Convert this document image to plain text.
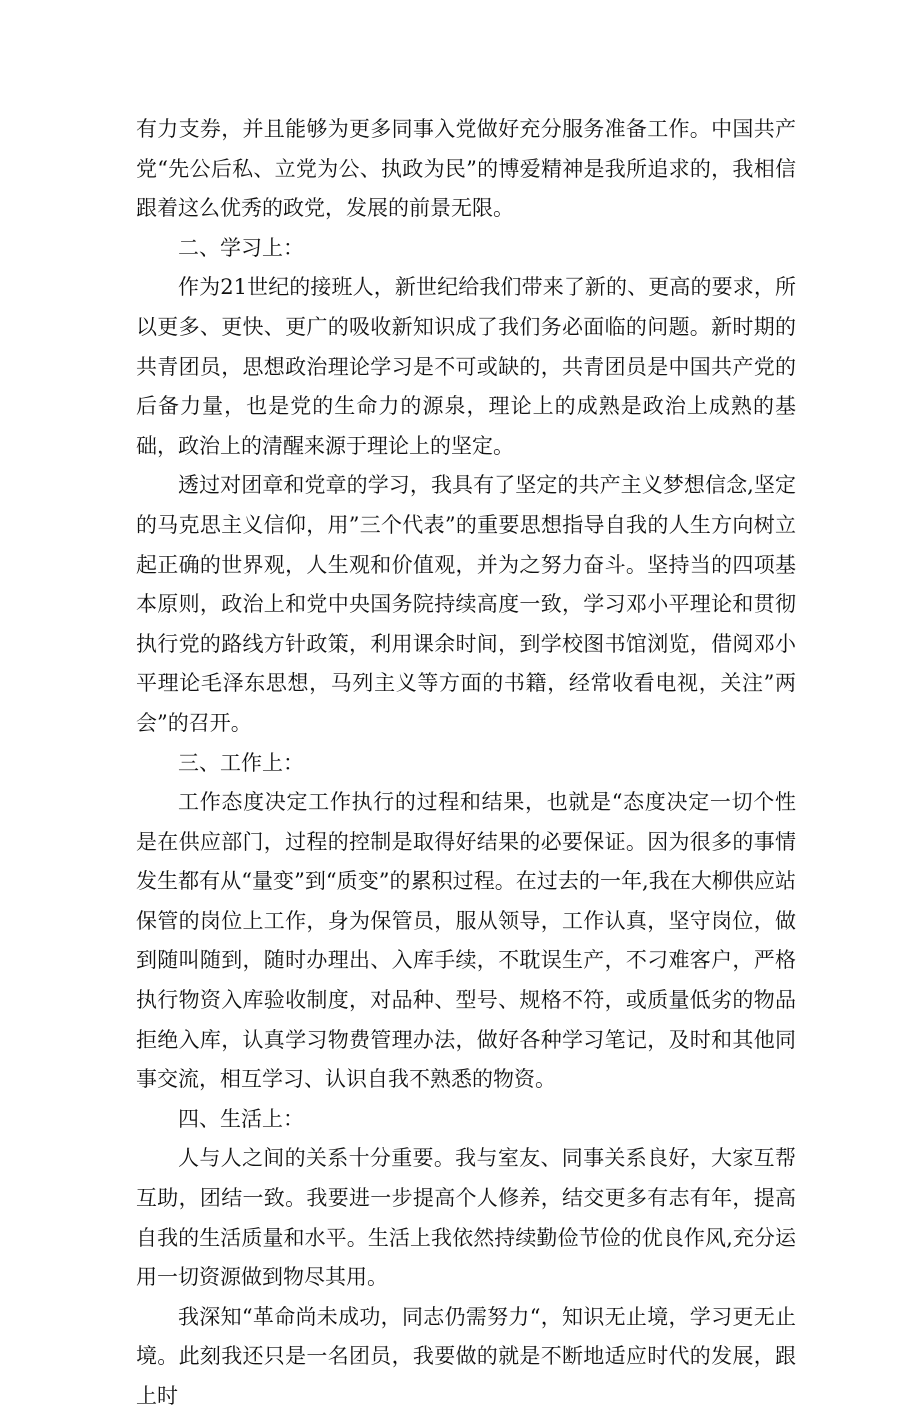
有力支券，并且能够为更多同事入党做好充分服务准备工作。中国共产党“先公后私、立党为公、执政为民”的博爱精神是我所追求的，我相信跟着这么优秀的政党，发展的前景无限。

二、学习上：

作为21世纪的接班人，新世纪给我们带来了新的、更高的要求，所以更多、更快、更广的吸收新知识成了我们务必面临的问题。新时期的共青团员，思想政治理论学习是不可或缺的，共青团员是中国共产党的后备力量，也是党的生命力的源泉，理论上的成熟是政治上成熟的基础，政治上的清醒来源于理论上的坚定。

透过对团章和党章的学习，我具有了坚定的共产主义梦想信念,坚定的马克思主义信仰，用”三个代表”的重要思想指导自我的人生方向树立起正确的世界观，人生观和价值观，并为之努力奋斗。坚持当的四项基本原则，政治上和党中央国务院持续高度一致，学习邓小平理论和贯彻执行党的路线方针政策，利用课余时间，到学校图书馆浏览，借阅邓小平理论毛泽东思想，马列主义等方面的书籍，经常收看电视，关注”两会”的召开。

三、工作上：

工作态度决定工作执行的过程和结果，也就是“态度决定一切个性是在供应部门，过程的控制是取得好结果的必要保证。因为很多的事情发生都有从“量变”到“质变”的累积过程。在过去的一年,我在大柳供应站保管的岗位上工作，身为保管员，服从领导，工作认真，坚守岗位，做到随叫随到，随时办理出、入库手续，不耽误生产，不刁难客户，严格执行物资入库验收制度，对品种、型号、规格不符，或质量低劣的物品拒绝入库，认真学习物费管理办法，做好各种学习笔记，及时和其他同事交流，相互学习、认识自我不熟悉的物资。

四、生活上：

人与人之间的关系十分重要。我与室友、同事关系良好，大家互帮互助，团结一致。我要进一步提高个人修养，结交更多有志有年，提高自我的生活质量和水平。生活上我依然持续勤俭节俭的优良作风,充分运用一切资源做到物尽其用。

我深知“革命尚未成功，同志仍需努力“，知识无止境，学习更无止境。此刻我还只是一名团员，我要做的就是不断地适应时代的发展，跟上时
